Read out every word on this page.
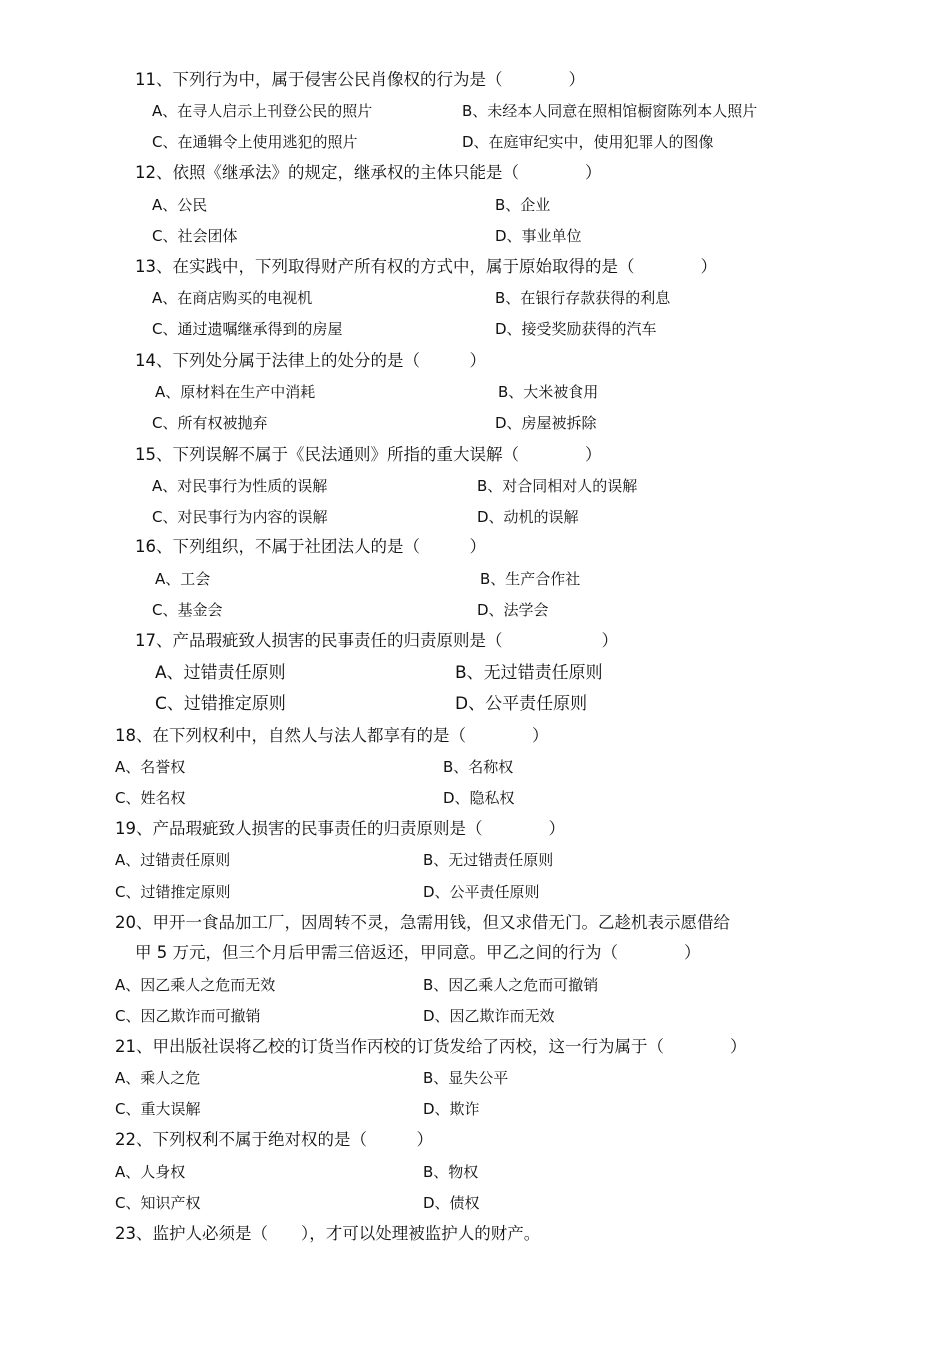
11、下列行为中，属于侵害公民肖像权的行为是（　　　　）
A、在寻人启示上刊登公民的照片	B、未经本人同意在照相馆橱窗陈列本人照片
C、在通辑令上使用逃犯的照片	D、在庭审纪实中，使用犯罪人的图像
12、依照《继承法》的规定，继承权的主体只能是（　　　　）
A、公民	B、企业
C、社会团体	D、事业单位
13、在实践中，下列取得财产所有权的方式中，属于原始取得的是（　　　　）
A、在商店购买的电视机	B、在银行存款获得的利息
C、通过遗嘱继承得到的房屋	D、接受奖励获得的汽车
14、下列处分属于法律上的处分的是（　　　）
A、原材料在生产中消耗	B、大米被食用
C、所有权被抛弃	D、房屋被拆除
15、下列误解不属于《民法通则》所指的重大误解（　　　　）
A、对民事行为性质的误解	B、对合同相对人的误解
C、对民事行为内容的误解	D、动机的误解
16、下列组织，不属于社团法人的是（　　　）
A、工会	B、生产合作社
C、基金会	D、法学会
17、产品瑕疵致人损害的民事责任的归责原则是（　　　　　　）
A、过错责任原则	B、无过错责任原则
C、过错推定原则	D、公平责任原则
18、在下列权利中，自然人与法人都享有的是（　　　　）
A、名誉权	B、名称权
C、姓名权	D、隐私权
19、产品瑕疵致人损害的民事责任的归责原则是（　　　　）
A、过错责任原则	B、无过错责任原则
C、过错推定原则	D、公平责任原则
20、甲开一食品加工厂，因周转不灵，急需用钱，但又求借无门。乙趁机表示愿借给
甲 5 万元，但三个月后甲需三倍返还，甲同意。甲乙之间的行为（　　　　）
A、因乙乘人之危而无效	B、因乙乘人之危而可撤销
C、因乙欺诈而可撤销	D、因乙欺诈而无效
21、甲出版社误将乙校的订货当作丙校的订货发给了丙校，这一行为属于（　　　　）
A、乘人之危	B、显失公平
C、重大误解	D、欺诈
22、下列权利不属于绝对权的是（　　　）
A、人身权	B、物权
C、知识产权	D、债权
23、监护人必须是（　　），才可以处理被监护人的财产。
